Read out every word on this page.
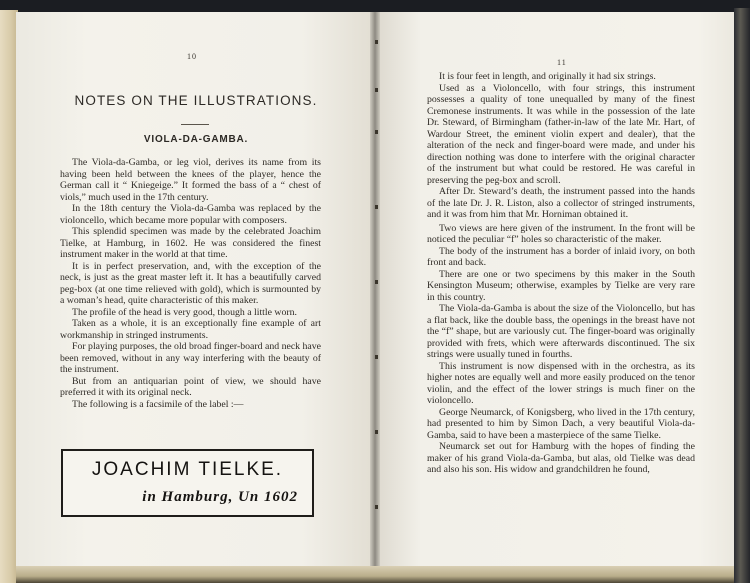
10
NOTES ON THE ILLUSTRATIONS.
VIOLA-DA-GAMBA.

The Viola-da-Gamba, or leg viol, derives its name from its having been held between the knees of the player, hence the German call it “ Kniegeige.” It formed the bass of a “ chest of viols,” much used in the 17th century.

In the 18th century the Viola-da-Gamba was replaced by the violoncello, which became more popular with composers.

This splendid specimen was made by the celebrated Joachim Tielke, at Hamburg, in 1602. He was considered the finest instrument maker in the world at that time.

It is in perfect preservation, and, with the exception of the neck, is just as the great master left it. It has a beautifully carved peg-box (at one time relieved with gold), which is surmounted by a woman’s head, quite characteristic of this maker.

The profile of the head is very good, though a little worn.

Taken as a whole, it is an exceptionally fine example of art workmanship in stringed instruments.

For playing purposes, the old broad finger-board and neck have been removed, without in any way interfering with the beauty of the instrument.

But from an antiquarian point of view, we should have preferred it with its original neck.

The following is a facsimile of the label :—

JOACHIM TIELKE.
in Hamburg, Un 1602
11

It is four feet in length, and originally it had six strings.

Used as a Violoncello, with four strings, this instrument possesses a quality of tone unequalled by many of the finest Cremonese instruments. It was while in the possession of the late Dr. Steward, of Birmingham (father-in-law of the late Mr. Hart, of Wardour Street, the eminent violin expert and dealer), that the alteration of the neck and finger-board were made, and under his direction nothing was done to interfere with the original character of the instrument but what could be restored. He was careful in preserving the peg-box and scroll.

After Dr. Steward’s death, the instrument passed into the hands of the late Dr. J. R. Liston, also a collector of stringed instruments, and it was from him that Mr. Horniman obtained it.

Two views are here given of the instrument. In the front will be noticed the peculiar “f” holes so characteristic of the maker.

The body of the instrument has a border of inlaid ivory, on both front and back.

There are one or two specimens by this maker in the South Kensington Museum; otherwise, examples by Tielke are very rare in this country.

The Viola-da-Gamba is about the size of the Violoncello, but has a flat back, like the double bass, the openings in the breast have not the “f” shape, but are variously cut. The finger-board was originally provided with frets, which were afterwards discontinued. The six strings were usually tuned in fourths.

This instrument is now dispensed with in the orchestra, as its higher notes are equally well and more easily produced on the tenor violin, and the effect of the lower strings is much finer on the violoncello.

George Neumarck, of Konigsberg, who lived in the 17th century, had presented to him by Simon Dach, a very beautiful Viola-da-Gamba, said to have been a masterpiece of the same Tielke.

Neumarck set out for Hamburg with the hopes of finding the maker of his grand Viola-da-Gamba, but alas, old Tielke was dead and also his son. His widow and grandchildren he found,
